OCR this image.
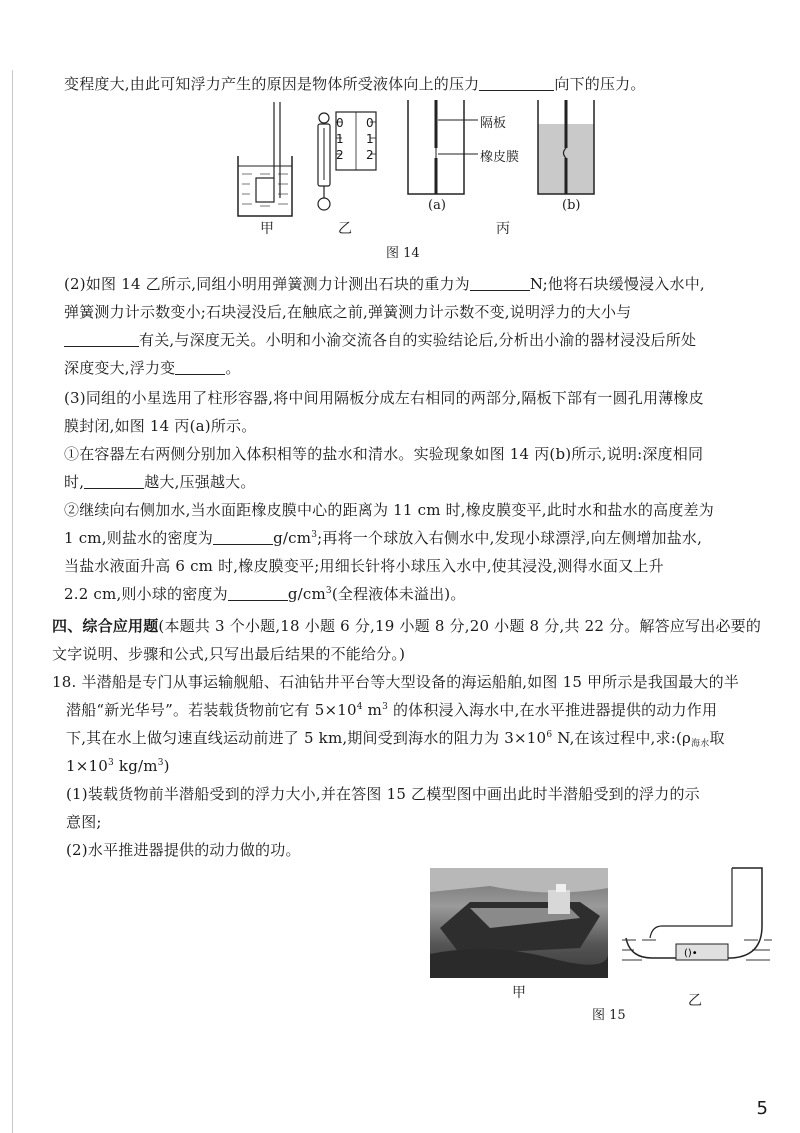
变程度大,由此可知浮力产生的原因是物体所受液体向上的压力	向下的压力。
0 0
1 1
2 2
隔板
橡皮膜
(a)	(b)
甲	乙	丙
图 14
(2)如图 14 乙所示,同组小明用弹簧测力计测出石块的重力为	N;他将石块缓慢浸入水中,
弹簧测力计示数变小;石块浸没后,在触底之前,弹簧测力计示数不变,说明浮力的大小与
有关,与深度无关。小明和小渝交流各自的实验结论后,分析出小渝的器材浸没后所处
深度变大,浮力变	。
(3)同组的小星选用了柱形容器,将中间用隔板分成左右相同的两部分,隔板下部有一圆孔用薄橡皮
膜封闭,如图 14 丙(a)所示。
①在容器左右两侧分别加入体积相等的盐水和清水。实验现象如图 14 丙(b)所示,说明:深度相同
时,	越大,压强越大。
②继续向右侧加水,当水面距橡皮膜中心的距离为 11 cm 时,橡皮膜变平,此时水和盐水的高度差为
1 cm,则盐水的密度为	$g/cm^3$;再将一个球放入右侧水中,发现小球漂浮,向左侧增加盐水,
当盐水液面升高 6 cm 时,橡皮膜变平;用细长针将小球压入水中,使其浸没,测得水面又上升
2.2 cm,则小球的密度为	$g/cm^3$(全程液体未溢出)。
四、综合应用题(本题共 3 个小题,18 小题 6 分,19 小题 8 分,20 小题 8 分,共 22 分。解答应写出必要的
文字说明、步骤和公式,只写出最后结果的不能给分。)
18. 半潜船是专门从事运输舰船、石油钻井平台等大型设备的海运船舶,如图 15 甲所示是我国最大的半
潜船“新光华号”。若装载货物前它有 $5\times 10^4$ $m^3$ 的体积浸入海水中,在水平推进器提供的动力作用
下,其在水上做匀速直线运动前进了 5 km,期间受到海水的阻力为 $3\times 10^6$ N,在该过程中,求$:(\rho_{海水}$取
$1\times 10^3$ $kg/m^3$)
(1)装载货物前半潜船受到的浮力大小,并在答图 15 乙模型图中画出此时半潜船受到的浮力的示
意图;
(2)水平推进器提供的动力做的功。
()•
甲	乙
图 15
5
